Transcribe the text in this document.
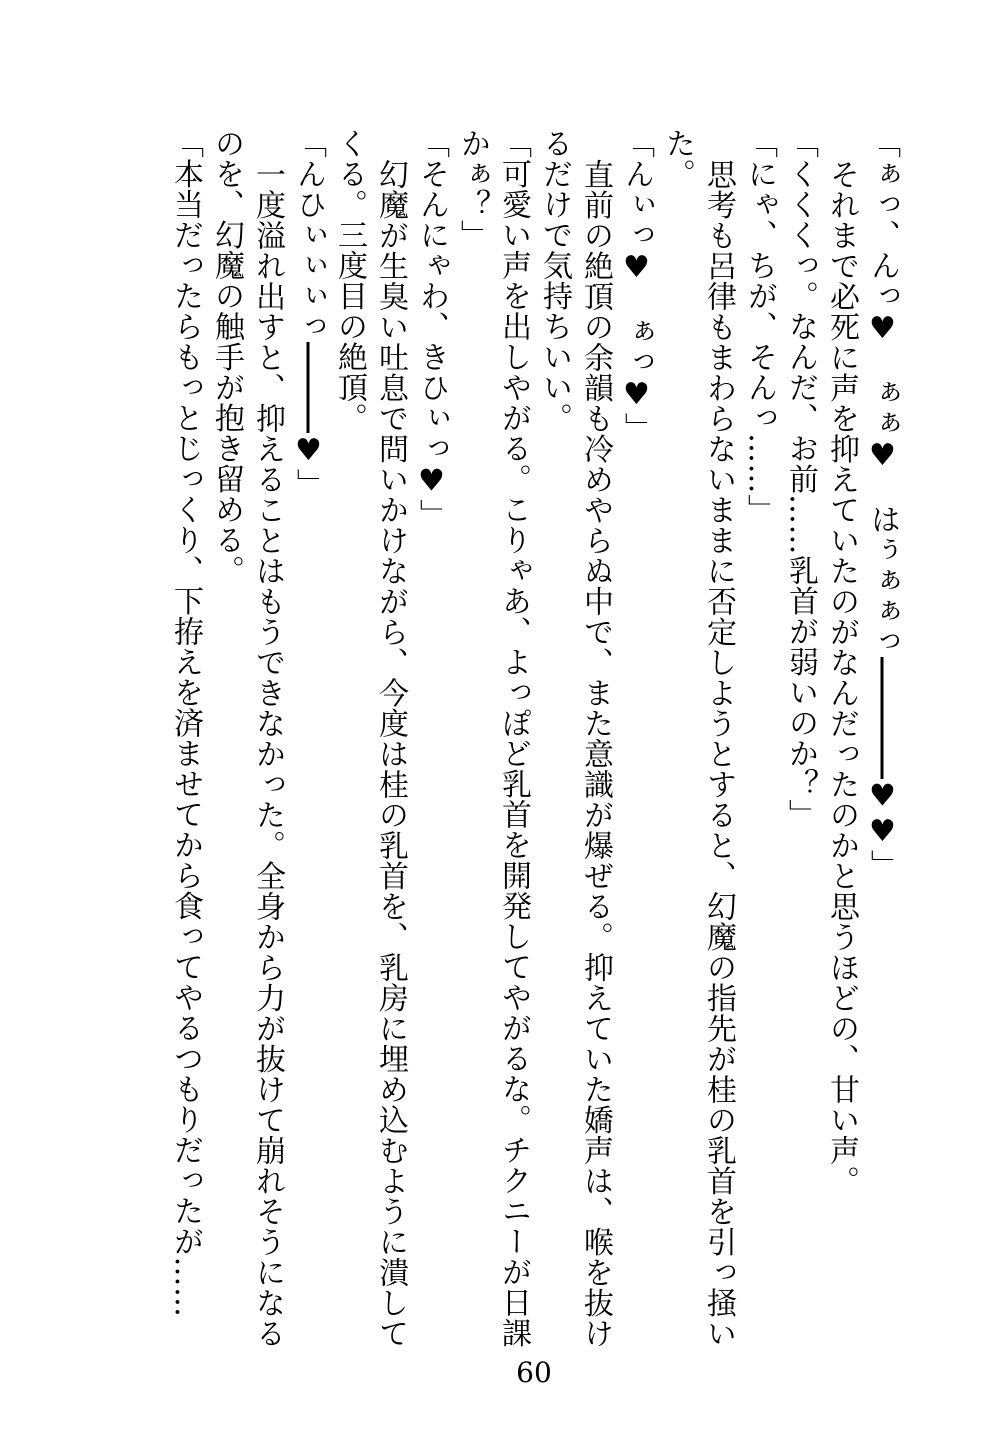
「ぁっ、んっ♥　ぁぁ♥　はぅぁぁっ♥♥」

それまで必死に声を抑えていたのがなんだったのかと思うほどの、甘い声。

「くくくっ。なんだ、お前……乳首が弱いのか？」

「にゃ、ちが、そんっ……」

思考も呂律もまわらないままに否定しようとすると、幻魔の指先が桂の乳首を引っ掻い

た。

「んぃっ♥　ぁっ♥」

直前の絶頂の余韻も冷めやらぬ中で、また意識が爆ぜる。抑えていた嬌声は、喉を抜け

るだけで気持ちいい。

「可愛い声を出しやがる。こりゃあ、よっぽど乳首を開発してやがるな。チクニーが日課

かぁ？」

「そんにゃわ、きひぃっ♥」

幻魔が生臭い吐息で問いかけながら、今度は桂の乳首を、乳房に埋め込むように潰して

くる。三度目の絶頂。

「んひぃぃぃっ♥」

一度溢れ出すと、抑えることはもうできなかった。全身から力が抜けて崩れそうになる

のを、幻魔の触手が抱き留める。

「本当だったらもっとじっくり、下拵えを済ませてから食ってやるつもりだったが……

60
